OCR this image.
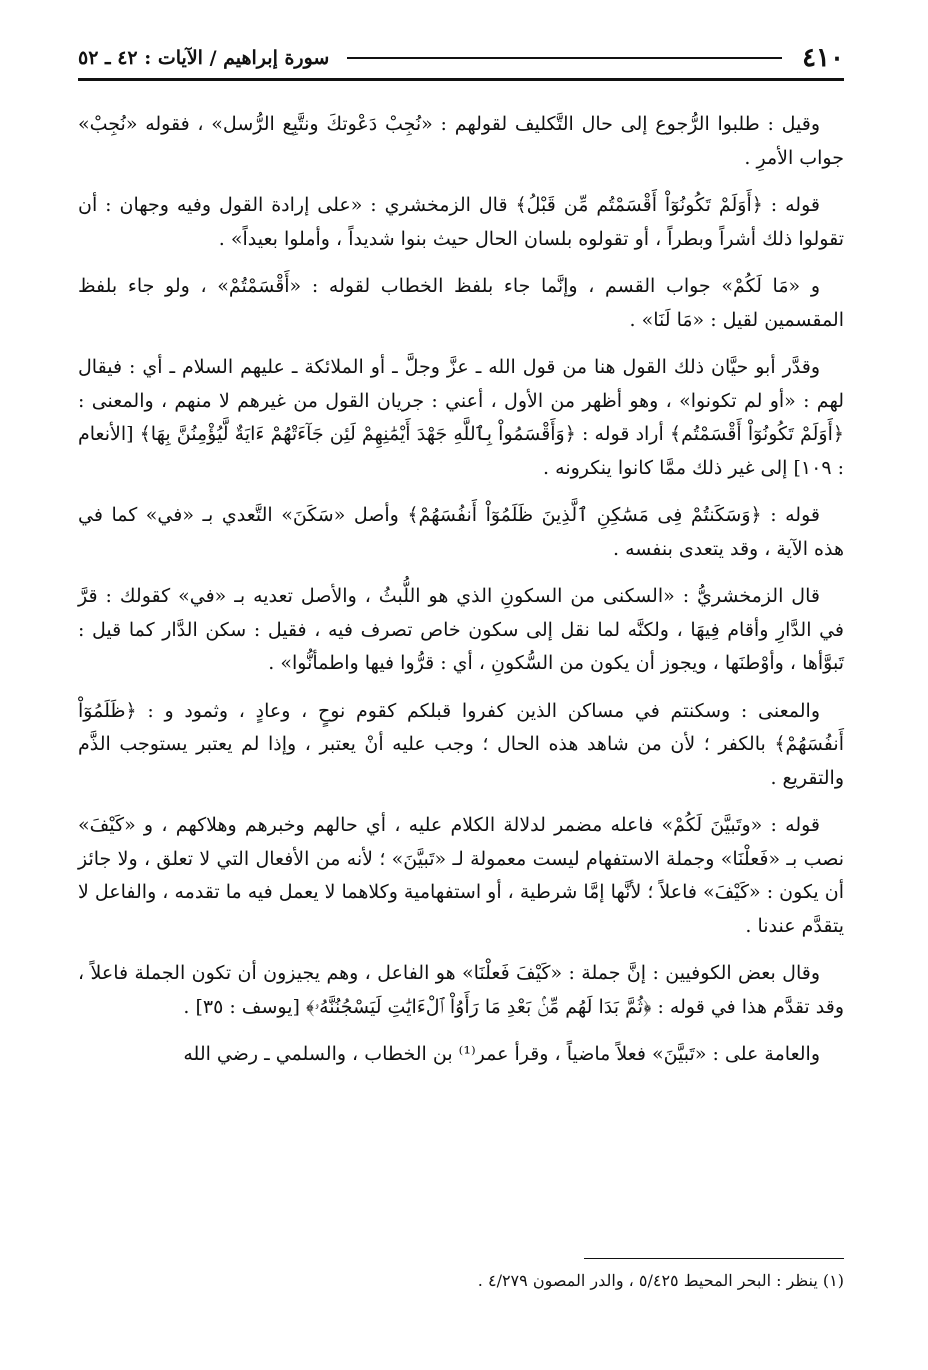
٤١٠
سورة إبراهيم / الآيات : ٤٢ ـ ٥٢

وقيل : طلبوا الرُّجوع إلى حال التَّكليف لقولهم : «نُجِبْ دَعْوتكَ ونتَّبِع الرُّسل» ، فقوله «نُجِبْ» جواب الأمرِ .

قوله : ﴿أَوَلَمْ تَكُونُوٓاْ أَقْسَمْتُم مِّن قَبْلُ﴾ قال الزمخشري : «على إرادة القول وفيه وجهان : أن تقولوا ذلك أشراً وبطراً ، أو تقولوه بلسان الحال حيث بنوا شديداً ، وأملوا بعيداً» .

و «مَا لَكُمْ» جواب القسم ، وإنَّما جاء بلفظ الخطاب لقوله : «أَقْسَمْتُمْ» ، ولو جاء بلفظ المقسمين لقيل : «مَا لَنَا» .

وقدَّر أبو حيَّان ذلك القول هنا من قول الله ـ عزَّ وجلَّ ـ أو الملائكة ـ عليهم السلام ـ أي : فيقال لهم : «أو لم تكونوا» ، وهو أظهر من الأول ، أعني : جريان القول من غيرهم لا منهم ، والمعنى : ﴿أَوَلَمْ تَكُونُوٓاْ أَقْسَمْتُم﴾ أراد قوله : ﴿وَأَقْسَمُواْ بِٱللَّهِ جَهْدَ أَيْمَٰنِهِمْ لَئِن جَآءَتْهُمْ ءَايَةٌ لَّيُؤْمِنُنَّ بِهَا﴾ [الأنعام : ١٠٩] إلى غير ذلك ممَّا كانوا ينكرونه .

قوله : ﴿وَسَكَنتُمْ فِى مَسَٰكِنِ ٱلَّذِينَ ظَلَمُوٓاْ أَنفُسَهُمْ﴾ وأصل «سَكَنَ» التَّعدي بـ «في» كما في هذه الآية ، وقد يتعدى بنفسه .

قال الزمخشريُّ : «السكنى من السكونِ الذي هو اللُّبثُ ، والأصل تعديه بـ «في» كقولك : قرَّ في الدَّارِ وأقام فِيهَا ، ولكنَّه لما نقل إلى سكون خاص تصرف فيه ، فقيل : سكن الدَّار كما قيل : تَبوَّأها ، وأوْطنَها ، ويجوز أن يكون من السُّكونِ ، أي : قرُّوا فيها واطمأنُّوا» .

والمعنى : وسكنتم في مساكن الذين كفروا قبلكم كقوم نوحٍ ، وعادٍ ، وثمود و : ﴿ظَلَمُوٓاْ أَنفُسَهُمْ﴾ بالكفر ؛ لأن من شاهد هذه الحال ؛ وجب عليه أنْ يعتبر ، وإذا لم يعتبر يستوجب الذَّم والتقريع .

قوله : «وتَبيَّنَ لَكُمْ» فاعله مضمر لدلالة الكلام عليه ، أي حالهم وخبرهم وهلاكهم ، و «كَيْفَ» نصب بـ «فَعلْنَا» وجملة الاستفهام ليست معمولة لـ «تَبيَّنَ» ؛ لأنه من الأفعال التي لا تعلق ، ولا جائز أن يكون : «كَيْفَ» فاعلاً ؛ لأنَّها إمَّا شرطية ، أو استفهامية وكلاهما لا يعمل فيه ما تقدمه ، والفاعل لا يتقدَّم عندنا .

وقال بعض الكوفيين : إنَّ جملة : «كَيْفَ فَعلْنَا» هو الفاعل ، وهم يجيزون أن تكون الجملة فاعلاً ، وقد تقدَّم هذا في قوله : ﴿ثُمَّ بَدَا لَهُم مِّنۢ بَعْدِ مَا رَأَوُاْ ٱلْءَايَٰتِ لَيَسْجُنُنَّهُۥ﴾ [يوسف : ٣٥] .

والعامة على : «تَبيَّنَ» فعلاً ماضياً ، وقرأ عمر⁽¹⁾ بن الخطاب ، والسلمي ـ رضي الله

(١) ينظر : البحر المحيط ٥/٤٢٥ ، والدر المصون ٤/٢٧٩ .
